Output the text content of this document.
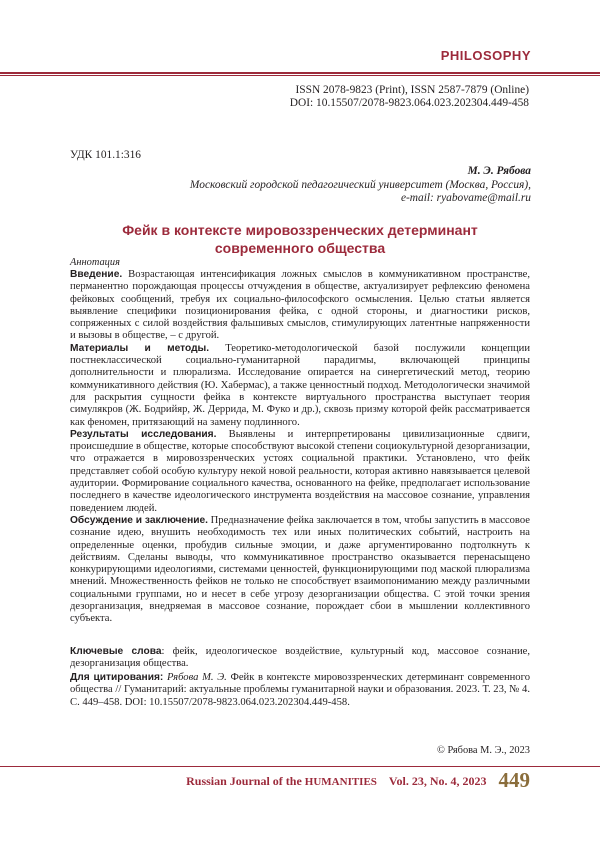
PHILOSOPHY
ISSN 2078-9823 (Print), ISSN 2587-7879 (Online)
DOI: 10.15507/2078-9823.064.023.202304.449-458
УДК 101.1:316
М. Э. Рябова
Московский городской педагогический университет (Москва, Россия),
e-mail: ryabovame@mail.ru
Фейк в контексте мировоззренческих детерминант
современного общества
Аннотация

Введение. Возрастающая интенсификация ложных смыслов в коммуникативном пространстве, перманентно порождающая процессы отчуждения в обществе, актуализирует рефлексию феномена фейковых сообщений, требуя их социально-философского осмысления. Целью статьи является выявление специфики позиционирования фейка, с одной стороны, и диагностики рисков, сопряженных с силой воздействия фальшивых смыслов, стимулирующих латентные напряженности и вызовы в обществе, – с другой.

Материалы и методы. Теоретико-методологической базой послужили концепции постнеклассической социально-гуманитарной парадигмы, включающей принципы дополнительности и плюрализма. Исследование опирается на синергетический метод, теорию коммуникативного действия (Ю. Хабермас), а также ценностный подход. Методологически значимой для раскрытия сущности фейка в контексте виртуального пространства выступает теория симулякров (Ж. Бодрийяр, Ж. Деррида, М. Фуко и др.), сквозь призму которой фейк рассматривается как феномен, притязающий на замену подлинного.

Результаты исследования. Выявлены и интерпретированы цивилизационные сдвиги, происшедшие в обществе, которые способствуют высокой степени социокультурной дезорганизации, что отражается в мировоззренческих устоях социальной практики. Установлено, что фейк представляет собой особую культуру некой новой реальности, которая активно навязывается целевой аудитории. Формирование социального качества, основанного на фейке, предполагает использование последнего в качестве идеологического инструмента воздействия на массовое сознание, управления поведением людей.

Обсуждение и заключение. Предназначение фейка заключается в том, чтобы запустить в массовое сознание идею, внушить необходимость тех или иных политических событий, настроить на определенные оценки, пробудив сильные эмоции, и даже аргументированно подтолкнуть к действиям. Сделаны выводы, что коммуникативное пространство оказывается перенасыщено конкурирующими идеологиями, системами ценностей, функционирующими под маской плюрализма мнений. Множественность фейков не только не способствует взаимопониманию между различными социальными группами, но и несет в себе угрозу дезорганизации общества. С этой точки зрения дезорганизация, внедряемая в массовое сознание, порождает сбои в мышлении коллективного субъекта.

Ключевые слова: фейк, идеологическое воздействие, культурный код, массовое сознание, дезорганизация общества.
Для цитирования: Рябова М. Э. Фейк в контексте мировоззренческих детерминант современного общества // Гуманитарий: актуальные проблемы гуманитарной науки и образования. 2023. Т. 23, № 4. С. 449–458. DOI: 10.15507/2078-9823.064.023.202304.449-458.
© Рябова М. Э., 2023
Russian Journal of the HUMANITIES Vol. 23, No. 4, 2023 449
